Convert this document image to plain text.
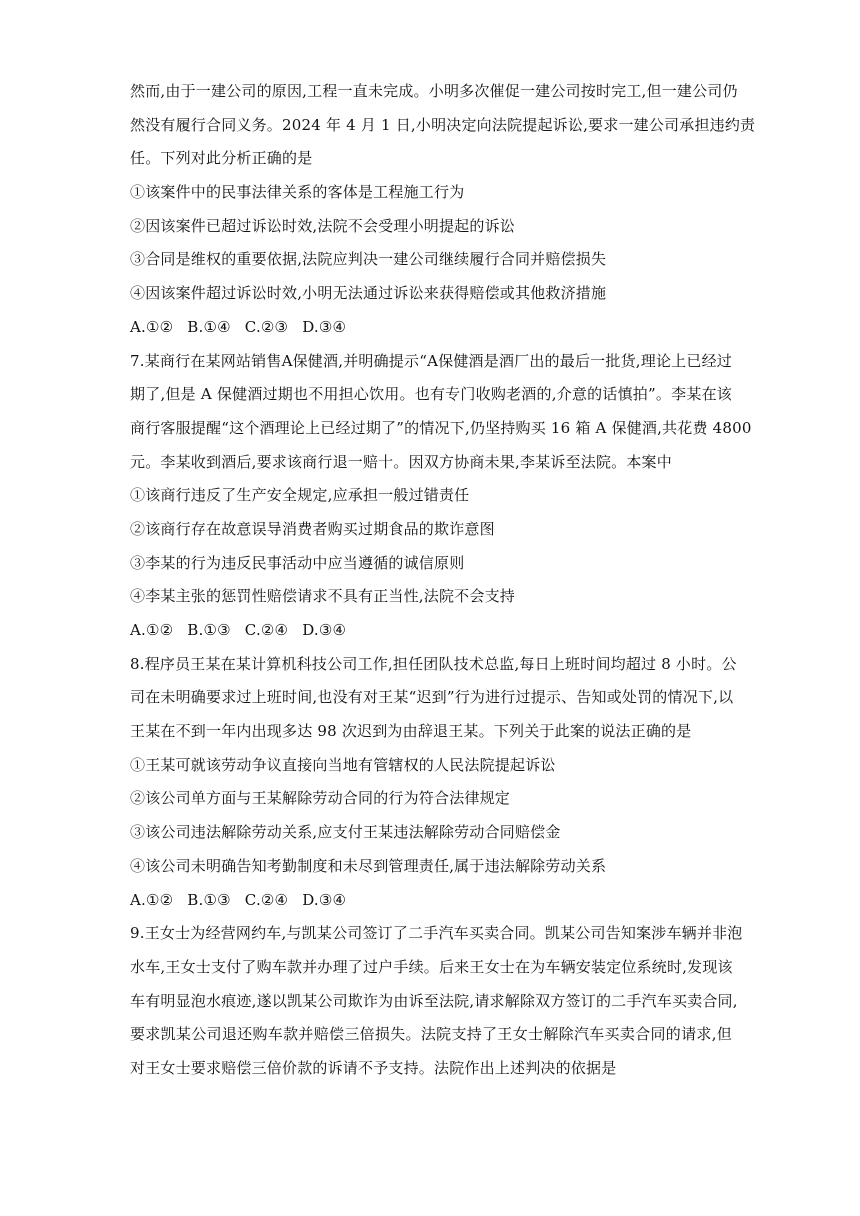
然而,由于一建公司的原因,工程一直未完成。小明多次催促一建公司按时完工,但一建公司仍
然没有履行合同义务。2024 年 4 月 1 日,小明决定向法院提起诉讼,要求一建公司承担违约责
任。下列对此分析正确的是
①该案件中的民事法律关系的客体是工程施工行为
②因该案件已超过诉讼时效,法院不会受理小明提起的诉讼
③合同是维权的重要依据,法院应判决一建公司继续履行合同并赔偿损失
④因该案件超过诉讼时效,小明无法通过诉讼来获得赔偿或其他救济措施
A.①② B.①④ C.②③ D.③④
7.某商行在某网站销售A保健酒,并明确提示“A保健酒是酒厂出的最后一批货,理论上已经过
期了,但是 A 保健酒过期也不用担心饮用。也有专门收购老酒的,介意的话慎拍”。李某在该
商行客服提醒“这个酒理论上已经过期了”的情况下,仍坚持购买 16 箱 A 保健酒,共花费 4800
元。李某收到酒后,要求该商行退一赔十。因双方协商未果,李某诉至法院。本案中
①该商行违反了生产安全规定,应承担一般过错责任
②该商行存在故意误导消费者购买过期食品的欺诈意图
③李某的行为违反民事活动中应当遵循的诚信原则
④李某主张的惩罚性赔偿请求不具有正当性,法院不会支持
A.①② B.①③ C.②④ D.③④
8.程序员王某在某计算机科技公司工作,担任团队技术总监,每日上班时间均超过 8 小时。公
司在未明确要求过上班时间,也没有对王某“迟到”行为进行过提示、告知或处罚的情况下,以
王某在不到一年内出现多达 98 次迟到为由辞退王某。下列关于此案的说法正确的是
①王某可就该劳动争议直接向当地有管辖权的人民法院提起诉讼
②该公司单方面与王某解除劳动合同的行为符合法律规定
③该公司违法解除劳动关系,应支付王某违法解除劳动合同赔偿金
④该公司未明确告知考勤制度和未尽到管理责任,属于违法解除劳动关系
A.①② B.①③ C.②④ D.③④
9.王女士为经营网约车,与凯某公司签订了二手汽车买卖合同。凯某公司告知案涉车辆并非泡
水车,王女士支付了购车款并办理了过户手续。后来王女士在为车辆安装定位系统时,发现该
车有明显泡水痕迹,遂以凯某公司欺诈为由诉至法院,请求解除双方签订的二手汽车买卖合同,
要求凯某公司退还购车款并赔偿三倍损失。法院支持了王女士解除汽车买卖合同的请求,但
对王女士要求赔偿三倍价款的诉请不予支持。法院作出上述判决的依据是
